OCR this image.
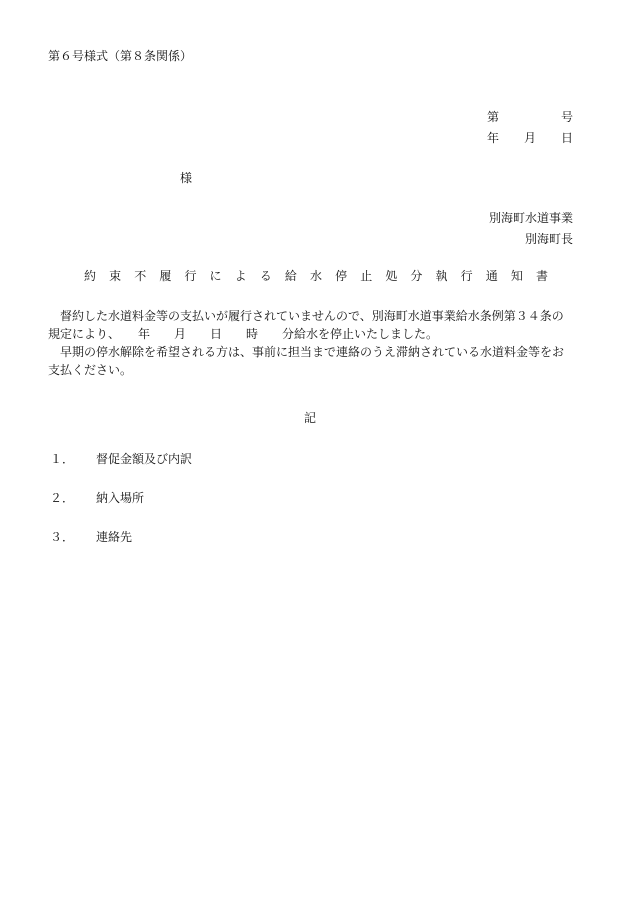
第６号様式（第８条関係）
第	号
年 月 日
様
別海町水道事業
別海町長
約 束 不 履 行 に よ る 給 水 停 止 処 分 執 行 通 知 書

督約した水道料金等の支払いが履行されていませんので、別海町水道事業給水条例第３４条の

規定により、　　年　　月　　日　　時　　分給水を停止いたしました。

早期の停水解除を希望される方は、事前に担当まで連絡のうえ滞納されている水道料金等をお

支払ください。

記
１． 督促金額及び内訳
２． 納入場所
３． 連絡先
